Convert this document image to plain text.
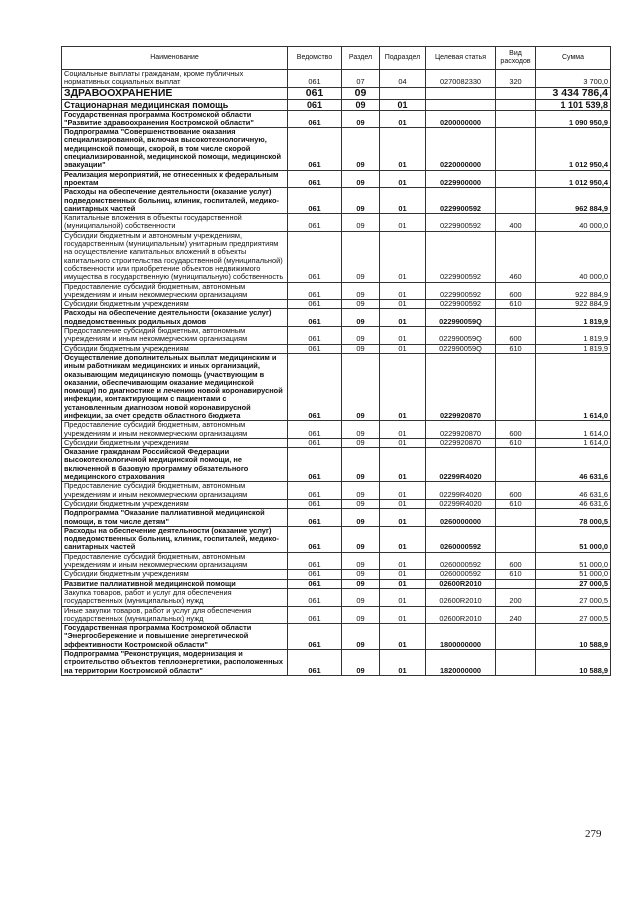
Наименование	Ведомство	Раздел	Подраздел	Целевая статья	Вид расходов	Сумма
Социальные выплаты гражданам, кроме публичных нормативных социальных выплат	061	07	04	0270082330	320	3 700,0
ЗДРАВООХРАНЕНИЕ	061	09				3 434 786,4
Стационарная медицинская помощь	061	09	01			1 101 539,8
Государственная программа Костромской области "Развитие здравоохранения Костромской области"	061	09	01	0200000000		1 090 950,9
Подпрограмма "Совершенствование оказания специализированной, включая высокотехнологичную, медицинской помощи, скорой, в том числе скорой специализированной, медицинской помощи, медицинской эвакуации"	061	09	01	0220000000		1 012 950,4
Реализация мероприятий, не отнесенных к федеральным проектам	061	09	01	0229900000		1 012 950,4
Расходы на обеспечение деятельности (оказание услуг) подведомственных больниц, клиник, госпиталей, медико-санитарных частей	061	09	01	0229900592		962 884,9
Капитальные вложения в объекты государственной (муниципальной) собственности	061	09	01	0229900592	400	40 000,0
Субсидии бюджетным и автономным учреждениям, государственным (муниципальным) унитарным предприятиям на осуществление капитальных вложений в объекты капитального строительства государственной (муниципальной) собственности или приобретение объектов недвижимого имущества в государственную (муниципальную) собственность	061	09	01	0229900592	460	40 000,0
Предоставление субсидий бюджетным, автономным учреждениям и иным некоммерческим организациям	061	09	01	0229900592	600	922 884,9
Субсидии бюджетным учреждениям	061	09	01	0229900592	610	922 884,9
Расходы на обеспечение деятельности (оказание услуг) подведомственных родильных домов	061	09	01	022990059Q		1 819,9
Предоставление субсидий бюджетным, автономным учреждениям и иным некоммерческим организациям	061	09	01	022990059Q	600	1 819,9
Субсидии бюджетным учреждениям	061	09	01	022990059Q	610	1 819,9
Осуществление дополнительных выплат медицинским и иным работникам медицинских и иных организаций, оказывающим медицинскую помощь (участвующим в оказании, обеспечивающим оказание медицинской помощи) по диагностике и лечению новой коронавирусной инфекции, контактирующим с пациентами с установленным диагнозом новой коронавирусной инфекции, за счет средств областного бюджета	061	09	01	0229920870		1 614,0
Предоставление субсидий бюджетным, автономным учреждениям и иным некоммерческим организациям	061	09	01	0229920870	600	1 614,0
Субсидии бюджетным учреждениям	061	09	01	0229920870	610	1 614,0
Оказание гражданам Российской Федерации высокотехнологичной медицинской помощи, не включенной в базовую программу обязательного медицинского страхования	061	09	01	02299R4020		46 631,6
Предоставление субсидий бюджетным, автономным учреждениям и иным некоммерческим организациям	061	09	01	02299R4020	600	46 631,6
Субсидии бюджетным учреждениям	061	09	01	02299R4020	610	46 631,6
Подпрограмма "Оказание паллиативной медицинской помощи, в том числе детям"	061	09	01	0260000000		78 000,5
Расходы на обеспечение деятельности (оказание услуг) подведомственных больниц, клиник, госпиталей, медико-санитарных частей	061	09	01	0260000592		51 000,0
Предоставление субсидий бюджетным, автономным учреждениям и иным некоммерческим организациям	061	09	01	0260000592	600	51 000,0
Субсидии бюджетным учреждениям	061	09	01	0260000592	610	51 000,0
Развитие паллиативной медицинской помощи	061	09	01	02600R2010		27 000,5
Закупка товаров, работ и услуг для обеспечения государственных (муниципальных) нужд	061	09	01	02600R2010	200	27 000,5
Иные закупки товаров, работ и услуг для обеспечения государственных (муниципальных) нужд	061	09	01	02600R2010	240	27 000,5
Государственная программа Костромской области "Энергосбережение и повышение энергетической эффективности Костромской области"	061	09	01	1800000000		10 588,9
Подпрограмма "Реконструкция, модернизация и строительство объектов теплоэнергетики, расположенных на территории Костромской области"	061	09	01	1820000000		10 588,9
279
